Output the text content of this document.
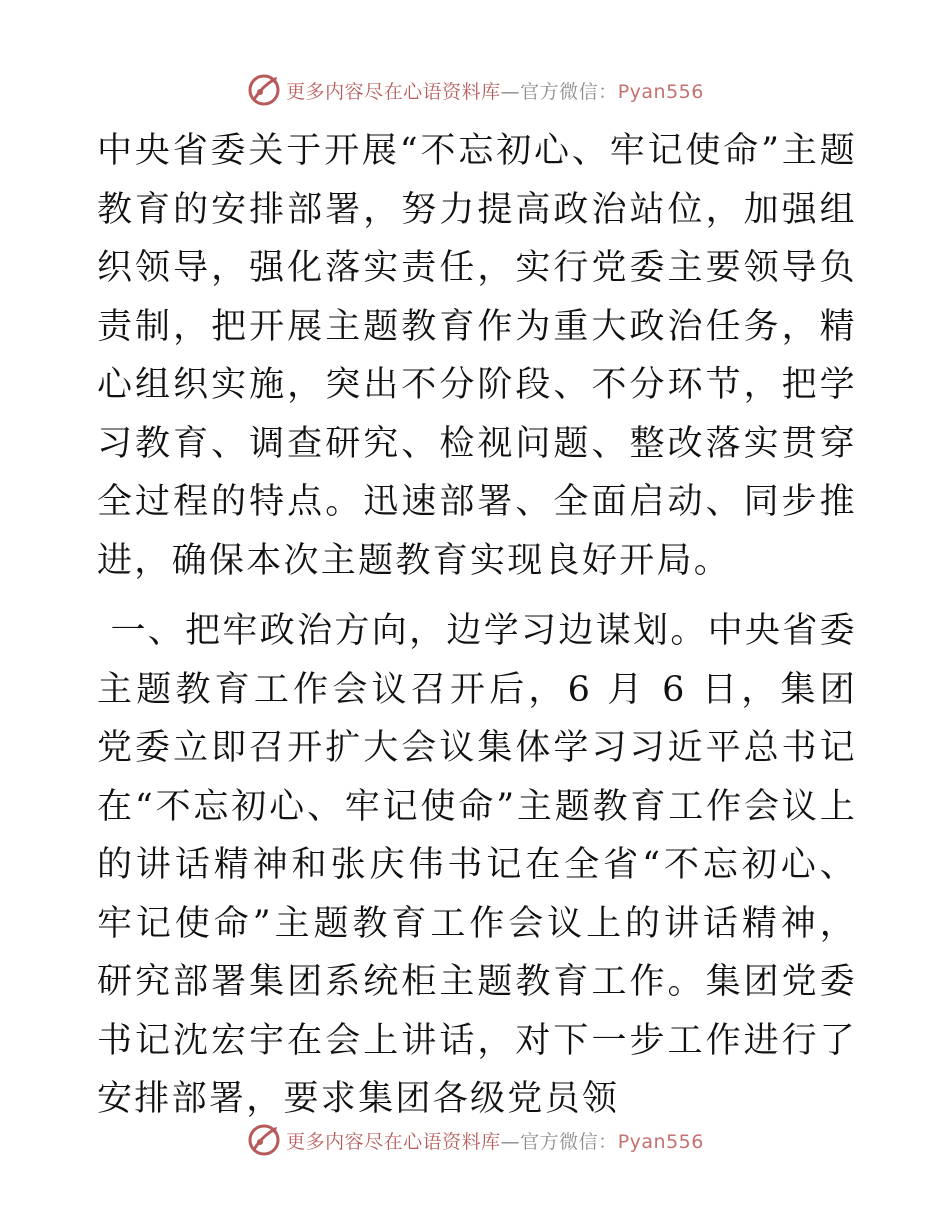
更多内容尽在心语资料库—官方微信：Pyan556

中央省委关于开展“不忘初心、牢记使命”主题教育的安排部署，努力提高政治站位，加强组织领导，强化落实责任，实行党委主要领导负责制，把开展主题教育作为重大政治任务，精心组织实施，突出不分阶段、不分环节，把学习教育、调查研究、检视问题、整改落实贯穿全过程的特点。迅速部署、全面启动、同步推进，确保本次主题教育实现良好开局。

一、把牢政治方向，边学习边谋划。中央省委主题教育工作会议召开后，6 月 6 日，集团党委立即召开扩大会议集体学习习近平总书记在“不忘初心、牢记使命”主题教育工作会议上的讲话精神和张庆伟书记在全省“不忘初心、牢记使命”主题教育工作会议上的讲话精神，研究部署集团系统柜主题教育工作。集团党委书记沈宏宇在会上讲话，对下一步工作进行了安排部署，要求集团各级党员领

更多内容尽在心语资料库—官方微信：Pyan556
